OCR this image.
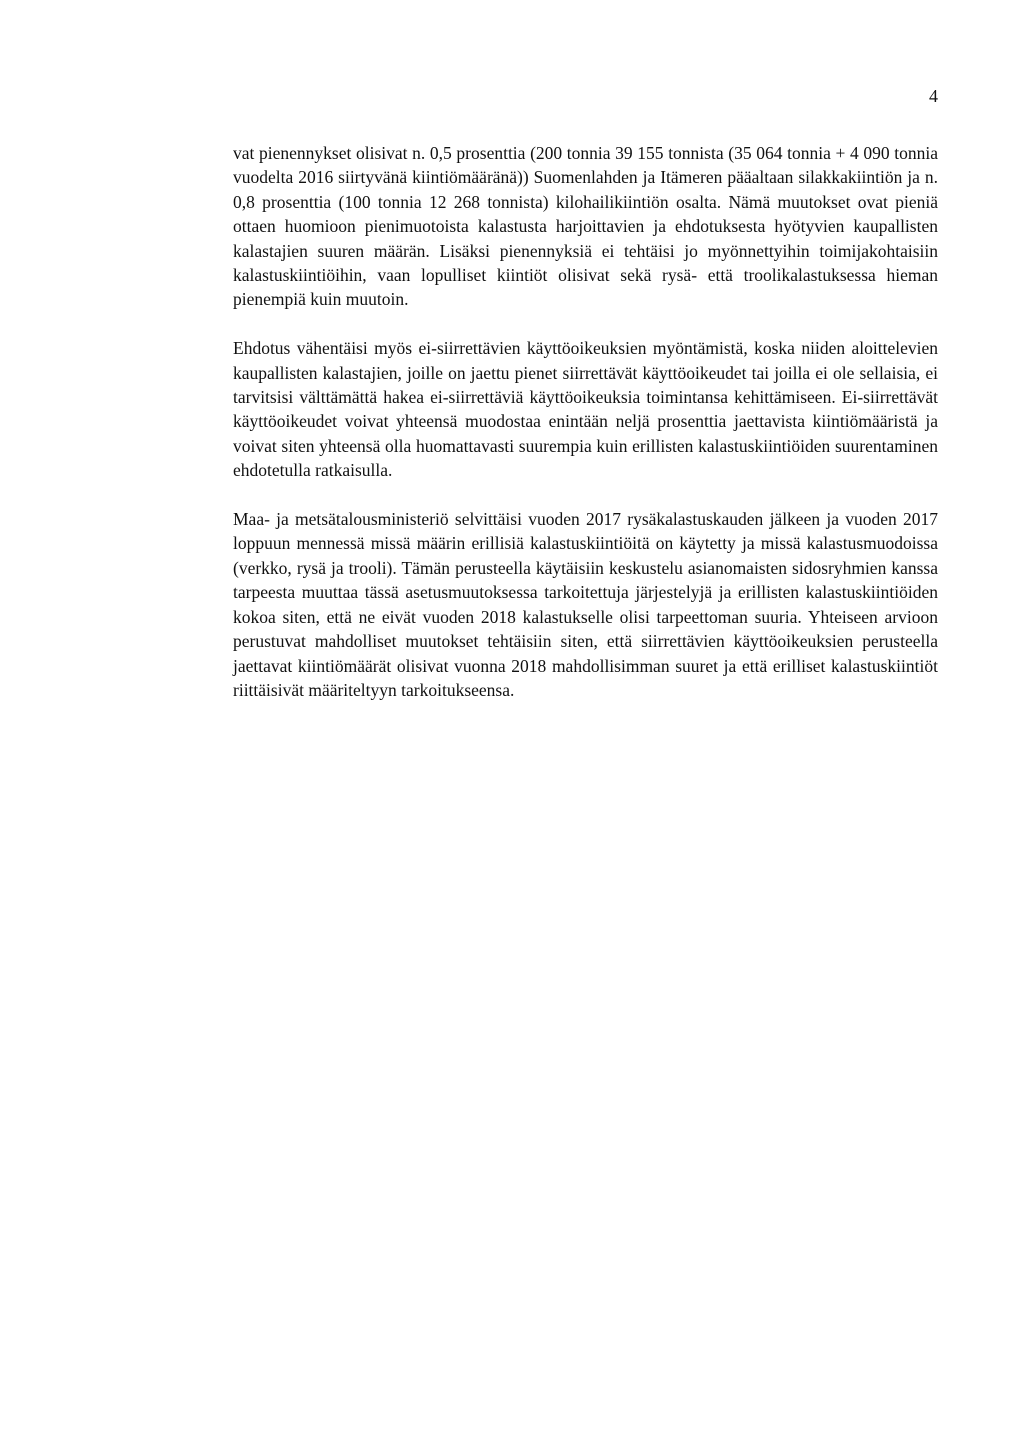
4

vat pienennykset olisivat n. 0,5 prosenttia (200 tonnia 39 155 tonnista (35 064 tonnia + 4 090 tonnia vuodelta 2016 siirtyvänä kiintiömääränä)) Suomenlahden ja Itämeren pääaltaan silakkakiintiön ja n. 0,8 prosenttia (100 tonnia 12 268 tonnista) kilohailikiintiön osalta. Nämä muutokset ovat pieniä ottaen huomioon pienimuotoista kalastusta harjoittavien ja ehdotuksesta hyötyvien kaupallisten kalastajien suuren määrän. Lisäksi pienennyksiä ei tehtäisi jo myönnettyihin toimijakohtaisiin kalastuskiintiöihin, vaan lopulliset kiintiöt olisivat sekä rysä- että troolikalastuksessa hieman pienempiä kuin muutoin.

Ehdotus vähentäisi myös ei-siirrettävien käyttöoikeuksien myöntämistä, koska niiden aloittelevien kaupallisten kalastajien, joille on jaettu pienet siirrettävät käyttöoikeudet tai joilla ei ole sellaisia, ei tarvitsisi välttämättä hakea ei-siirrettäviä käyttöoikeuksia toimintansa kehittämiseen. Ei-siirrettävät käyttöoikeudet voivat yhteensä muodostaa enintään neljä prosenttia jaettavista kiintiömääristä ja voivat siten yhteensä olla huomattavasti suurempia kuin erillisten kalastuskiintiöiden suurentaminen ehdotetulla ratkaisulla.

Maa- ja metsätalousministeriö selvittäisi vuoden 2017 rysäkalastuskauden jälkeen ja vuoden 2017 loppuun mennessä missä määrin erillisiä kalastuskiintiöitä on käytetty ja missä kalastusmuodoissa (verkko, rysä ja trooli). Tämän perusteella käytäisiin keskustelu asianomaisten sidosryhmien kanssa tarpeesta muuttaa tässä asetusmuutoksessa tarkoitettuja järjestelyjä ja erillisten kalastuskiintiöiden kokoa siten, että ne eivät vuoden 2018 kalastukselle olisi tarpeettoman suuria. Yhteiseen arvioon perustuvat mahdolliset muutokset tehtäisiin siten, että siirrettävien käyttöoikeuksien perusteella jaettavat kiintiömäärät olisivat vuonna 2018 mahdollisimman suuret ja että erilliset kalastuskiintiöt riittäisivät määriteltyyn tarkoitukseensa.
